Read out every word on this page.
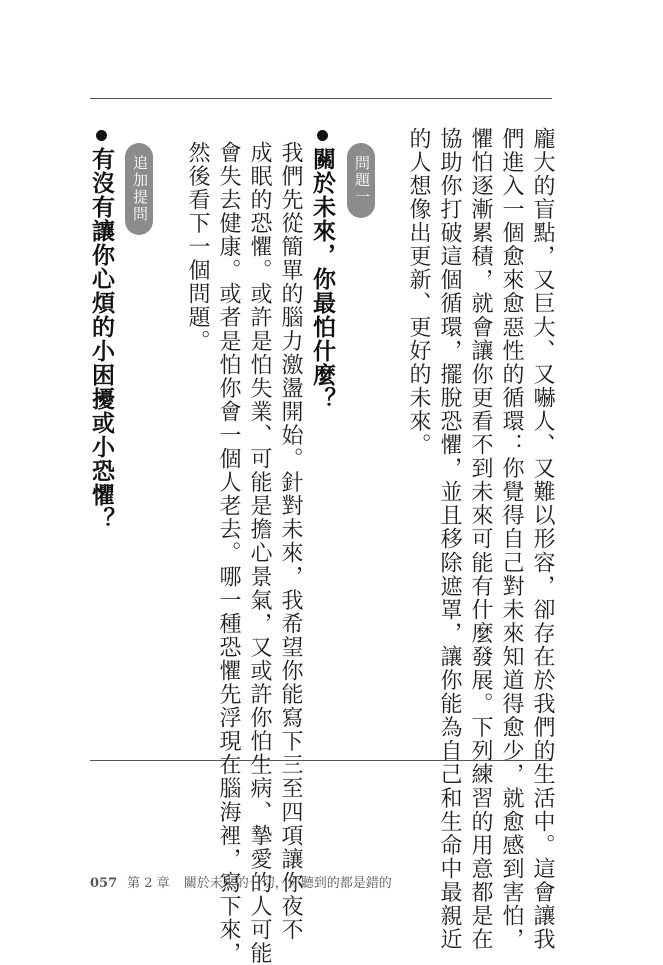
龐大的盲點，又巨大、又嚇人、又難以形容，卻存在於我們的生活中。這會讓我
們進入一個愈來愈惡性的循環：你覺得自己對未來知道得愈少，就愈感到害怕，
懼怕逐漸累積，就會讓你更看不到未來可能有什麼發展。下列練習的用意都是在
協助你打破這個循環，擺脫恐懼，並且移除遮罩，讓你能為自己和生命中最親近
的人想像出更新、更好的未來。
問題一
關於未來，你最怕什麼？
我們先從簡單的腦力激盪開始。針對未來，我希望你能寫下三至四項讓你夜不
成眠的恐懼。或許是怕失業、可能是擔心景氣，又或許你怕生病、摯愛的人可能
會失去健康。或者是怕你會一個人老去。哪一種恐懼先浮現在腦海裡，寫下來，
然後看下一個問題。
追加提問
有沒有讓你心煩的小困擾或小恐懼？
057 第 2 章 關於未來的一切，你聽到的都是錯的
